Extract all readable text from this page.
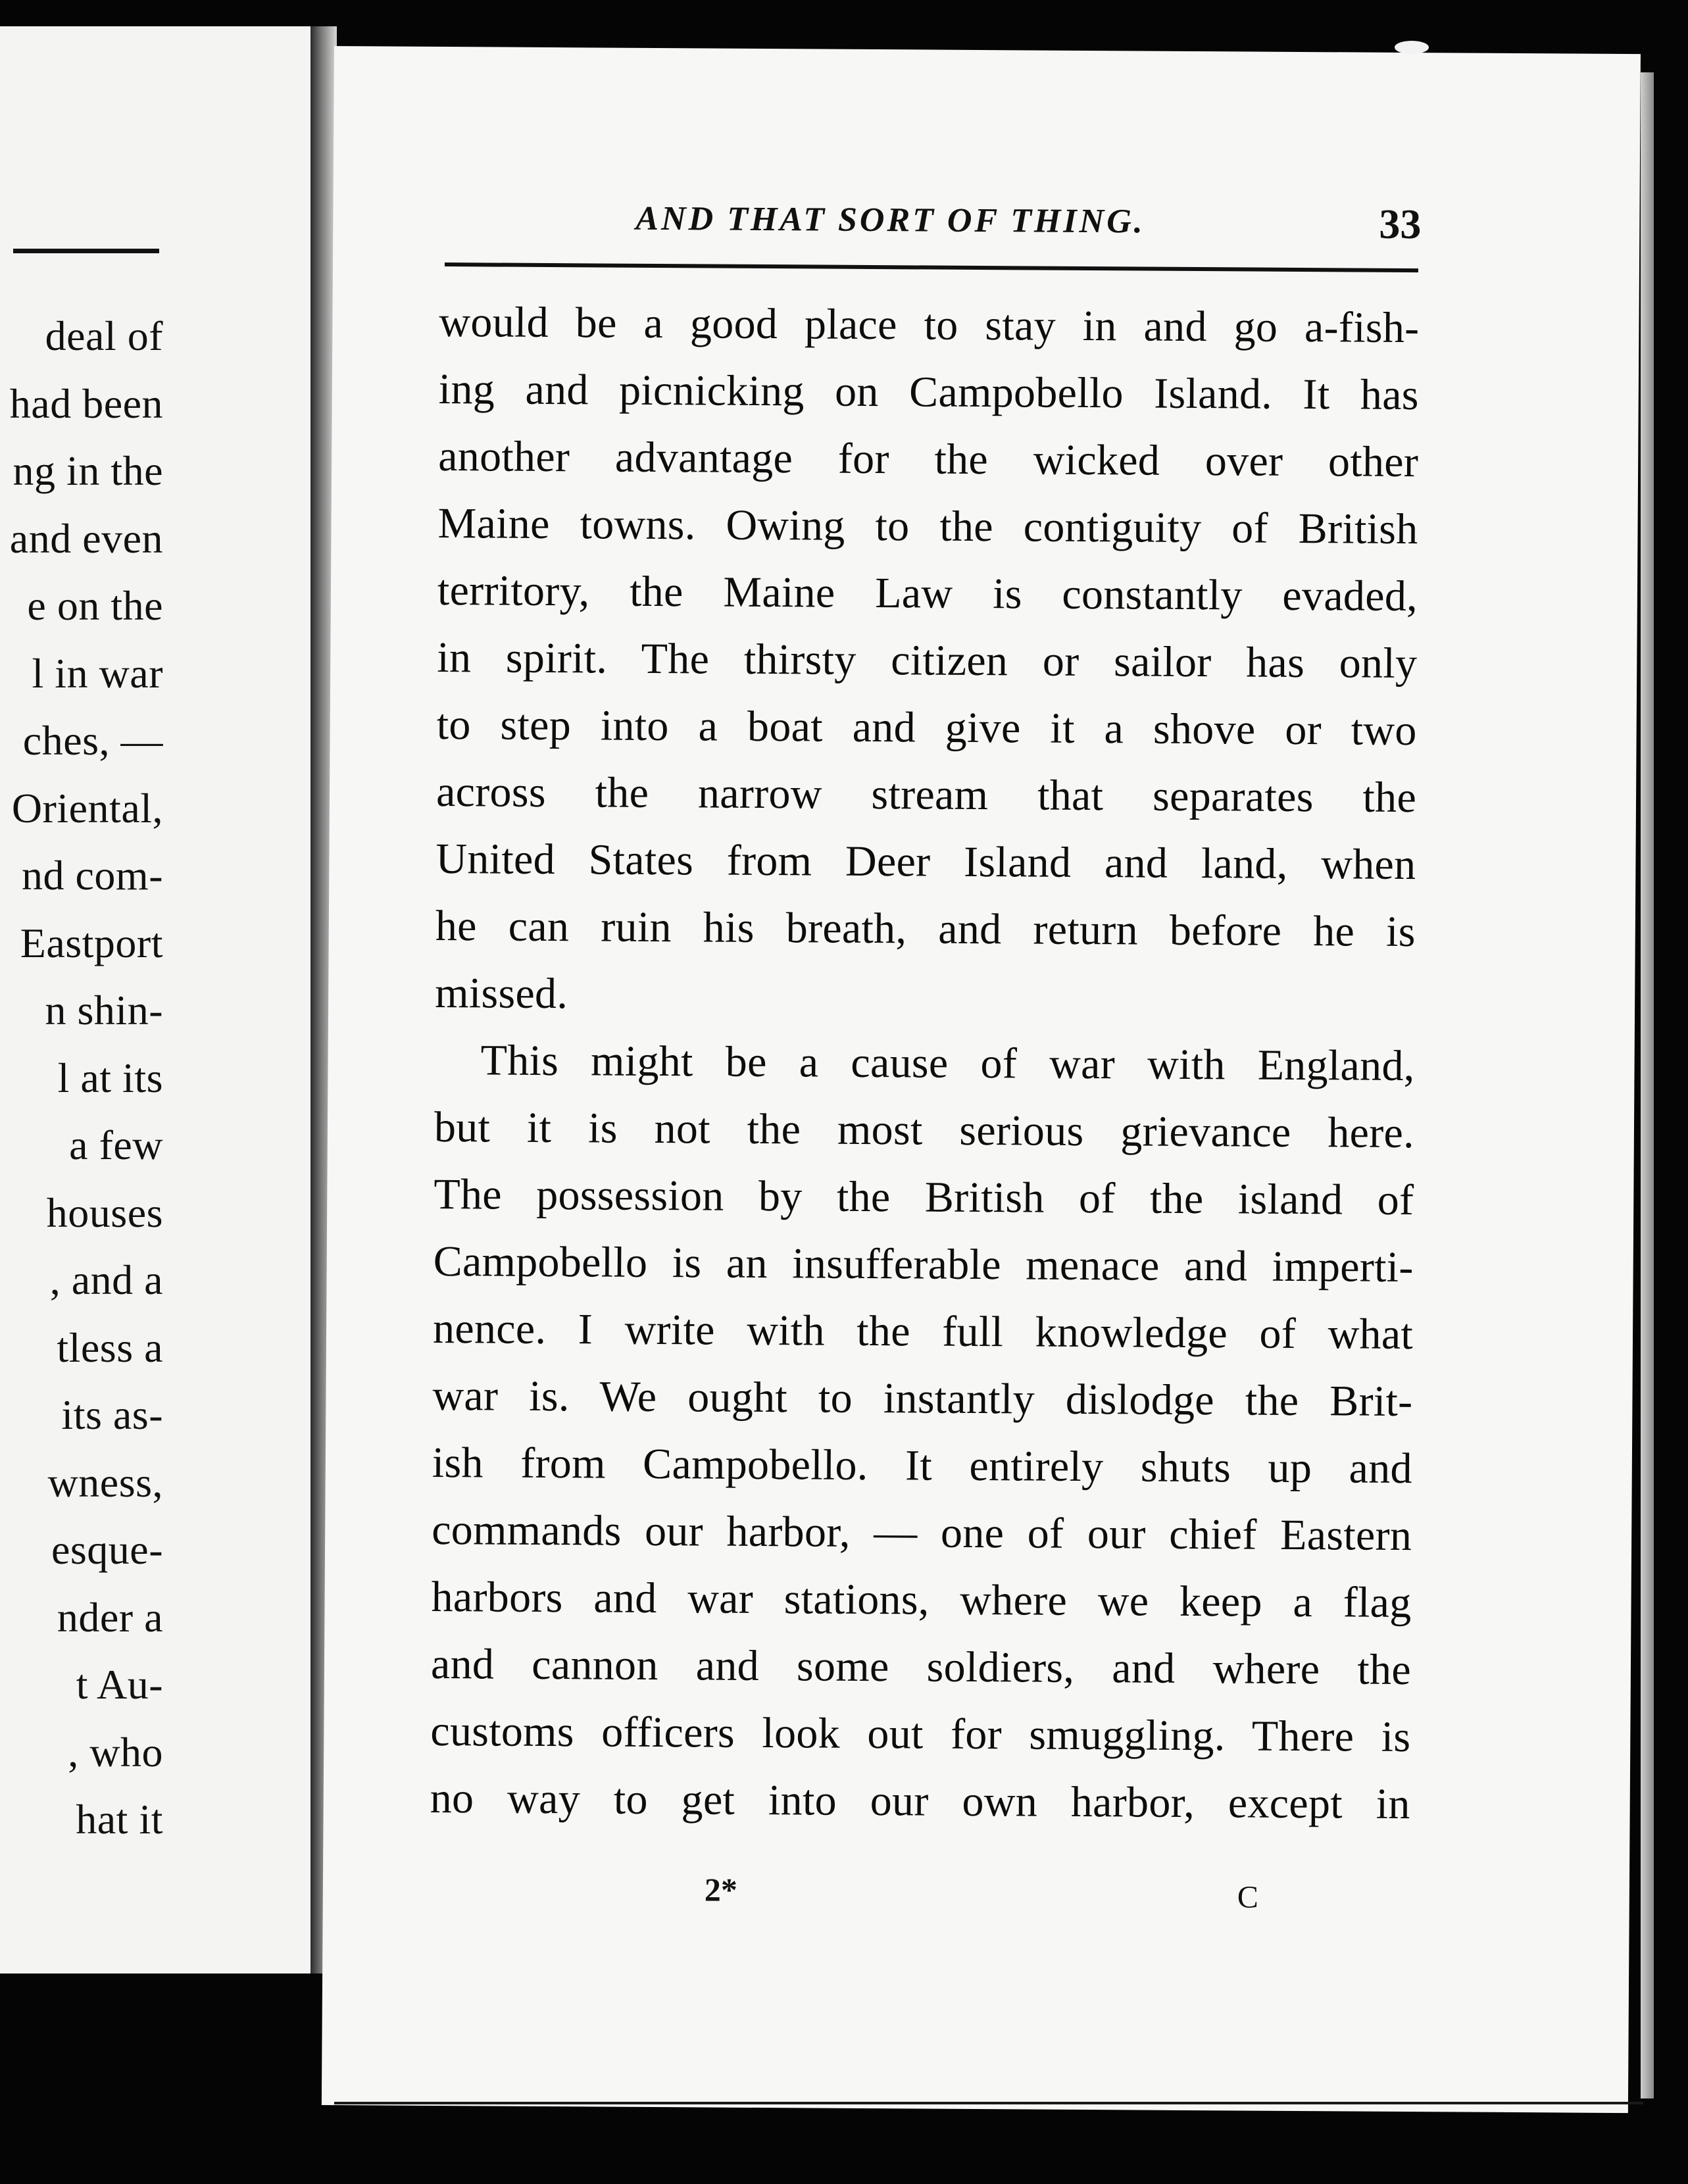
deal of
had been
ng in the
and even
e on the
l in war
ches, —
Oriental,
nd com-
Eastport
n shin-
l at its
a few
houses
, and a
tless a
its as-
wness,
esque-
nder a
t Au-
, who
hat it
AND THAT SORT OF THING.	33
would be a good place to stay in and go a-fish-
ing and picnicking on Campobello Island. It has
another advantage for the wicked over other
Maine towns. Owing to the contiguity of British
territory, the Maine Law is constantly evaded,
in spirit. The thirsty citizen or sailor has only
to step into a boat and give it a shove or two
across the narrow stream that separates the
United States from Deer Island and land, when
he can ruin his breath, and return before he is
missed.
This might be a cause of war with England,
but it is not the most serious grievance here.
The possession by the British of the island of
Campobello is an insufferable menace and imperti-
nence. I write with the full knowledge of what
war is. We ought to instantly dislodge the Brit-
ish from Campobello. It entirely shuts up and
commands our harbor, — one of our chief Eastern
harbors and war stations, where we keep a flag
and cannon and some soldiers, and where the
customs officers look out for smuggling. There is
no way to get into our own harbor, except in
2*	C
